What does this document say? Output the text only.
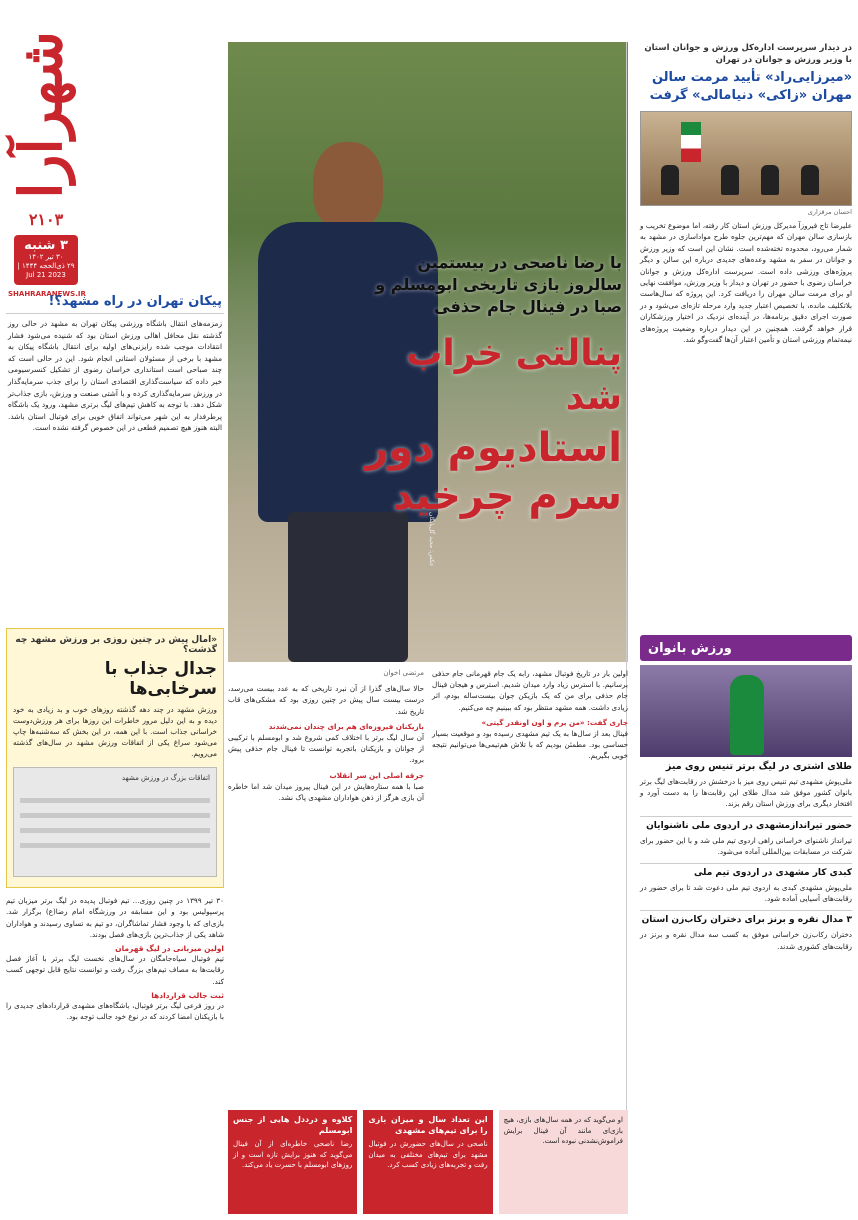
شهرآرا
۲۱۰۳
۳ شنبه
۳۰ تیر ۱۴۰۲
۲۹ ذی‌الحجه ۱۴۴۴ | 2023 Jul 21
SHAHRARANEWS.IR
پیکان تهران در راه مشهد؟!
زمزمه‌های انتقال باشگاه ورزشی پیکان تهران به مشهد در حالی روز گذشته نقل محافل اهالی ورزش استان بود که شنیده می‌شود فشار انتقادات موجب شده رایزنی‌های اولیه برای انتقال باشگاه پیکان به مشهد با برخی از مسئولان استانی انجام شود. این در حالی است که چند صباحی است استانداری خراسان رضوی از تشکیل کنسرسیومی خبر داده که سیاست‌گذاری اقتصادی استان را برای جذب سرمایه‌گذار در ورزش سرمایه‌گذاری کرده و با آشتی صنعت و ورزش، بازی جذاب‌تر شکل دهد. با توجه به کاهش تیم‌های لیگ برتری مشهد، ورود یک باشگاه پرطرفدار به این شهر می‌تواند اتفاق خوبی برای فوتبال استان باشد. البته هنوز هیچ تصمیم قطعی در این خصوص گرفته نشده است.
«امال پیش در چنین روزی بر ورزش مشهد چه گذشت؟
جدال جذاب با سرخابی‌ها
ورزش مشهد در چند دهه گذشته روزهای خوب و بد زیادی به خود دیده و به این دلیل مرور خاطرات این روزها برای هر ورزش‌دوست خراسانی جذاب است. با این همه، در این بخش که سه‌شنبه‌ها چاپ می‌شود سراغ یکی از اتفاقات ورزش مشهد در سال‌های گذشته می‌رویم.
اتفاقات بزرگ در ورزش مشهد
۳۰ تیر ۱۳۹۹ در چنین روزی... تیم فوتبال پدیده در لیگ برتر میزبان تیم پرسپولیس بود و این مسابقه در ورزشگاه امام رضا(ع) برگزار شد. بازی‌ای که با وجود فشار تماشاگران، دو تیم به تساوی رسیدند و هواداران شاهد یکی از جذاب‌ترین بازی‌های فصل بودند.
اولین میزبانی در لیگ قهرمان
تیم فوتبال سیاه‌جامگان در سال‌های نخست لیگ برتر با آغاز فصل رقابت‌ها به مصاف تیم‌های بزرگ رفت و توانست نتایج قابل توجهی کسب کند.
ثبت جالب قراردادها
در روز فرعی لیگ برتر فوتبال، باشگاه‌های مشهدی قراردادهای جدیدی را با بازیکنان امضا کردند که در نوع خود جالب توجه بود.
عکس: مجید گل‌پایگان
با رضا ناصحی در بیستمین سالروز بازی تاریخی ابومسلم و صبا در فینال جام حذفی
پنالتی خراب شد
استادیوم دور سرم چرخید
در دیدار سرپرست اداره‌کل ورزش و جوانان استان با وزیر ورزش و جوانان در تهران
«میرزایی‌راد» تأیید مرمت سالن مهران «زاکی» دنیامالی» گرفت
احسان مرقزاری
علیرضا تاج فیروزآ مدیرکل ورزش استان کار رفته، اما موضوع تخریب و بازسازی سالن مهران که مهم‌ترین جلوه طرح مواداسازی در مشهد به شمار می‌رود، محدوده تخته‌شده است. نشان این است که وزیر ورزش و جوانان در سفر به مشهد وعده‌های جدیدی درباره این سالن و دیگر پروژه‌های ورزشی داده است. سرپرست اداره‌کل ورزش و جوانان خراسان رضوی با حضور در تهران و دیدار با وزیر ورزش، موافقت نهایی او برای مرمت سالن مهران را دریافت کرد. این پروژه که سال‌هاست بلاتکلیف مانده، با تخصیص اعتبار جدید وارد مرحله تازه‌ای می‌شود و در صورت اجرای دقیق برنامه‌ها، در آینده‌ای نزدیک در اختیار ورزشکاران قرار خواهد گرفت. همچنین در این دیدار درباره وضعیت پروژه‌های نیمه‌تمام ورزشی استان و تأمین اعتبار آن‌ها گفت‌وگو شد.
ورزش بانوان
طلای اشتری در لیگ برتر تنیس روی میز
ملی‌پوش مشهدی تیم تنیس روی میز با درخشش در رقابت‌های لیگ برتر بانوان کشور موفق شد مدال طلای این رقابت‌ها را به دست آورد و افتخار دیگری برای ورزش استان رقم بزند.
حضور تیراندازمشهدی در اردوی ملی ناشنوایان
تیرانداز ناشنوای خراسانی راهی اردوی تیم ملی شد و با این حضور برای شرکت در مسابقات بین‌المللی آماده می‌شود.
کبدی کار مشهدی در اردوی تیم ملی
ملی‌پوش مشهدی کبدی به اردوی تیم ملی دعوت شد تا برای حضور در رقابت‌های آسیایی آماده شود.
۳ مدال نقره و برنز برای دختران رکاب‌زن استان
دختران رکاب‌زن خراسانی موفق به کسب سه مدال نقره و برنز در رقابت‌های کشوری شدند.
مرتضی اخوان
حالا سال‌های گذرا از آن نبرد تاریخی که به عدد بیست می‌رسد، درست بیست سال پیش در چنین روزی بود که مشکی‌های قاب تاریخ شد.
بازیکنان فیروزه‌ای هم برای چندان نمی‌شدند
آن سال لیگ برتر با اختلاف کمی شروع شد و ابومسلم با ترکیبی از جوانان و بازیکنان باتجربه توانست تا فینال جام حذفی پیش برود.
جرقه اصلی این سر انقلاب
صبا با همه ستاره‌هایش در این فینال پیروز میدان شد اما خاطره آن بازی هرگز از ذهن هواداران مشهدی پاک نشد.
اولین بار در تاریخ فوتبال مشهد، رابه یک جام قهرمانی جام حذفی برسانیم. با استرس زیاد وارد میدان شدیم. استرس و هیجان فینال جام حذفی برای من که یک بازیکن جوان بیست‌ساله بودم، اثر زیادی داشت. همه مشهد منتظر بود که ببینیم چه می‌کنیم.
جاری گفت: «من برم و اون اونقدر گیتی»
فینال بعد از سال‌ها به یک تیم مشهدی رسیده بود و موقعیت بسیار حساسی بود. مطمئن بودیم که با تلاش هم‌تیمی‌ها می‌توانیم نتیجه خوبی بگیریم.
کلاوه و درددل هایی از جنس ابومسلم
رضا ناصحی خاطره‌ای از آن فینال می‌گوید که هنوز برایش تازه است و از روزهای ابومسلم با حسرت یاد می‌کند.
این تعداد سال و میزان بازی را برای تیم‌های مشهدی
ناصحی در سال‌های حضورش در فوتبال مشهد برای تیم‌های مختلفی به میدان رفت و تجربه‌های زیادی کسب کرد.
او می‌گوید که در همه سال‌های بازی، هیچ بازی‌ای مانند آن فینال برایش فراموش‌نشدنی نبوده است.
